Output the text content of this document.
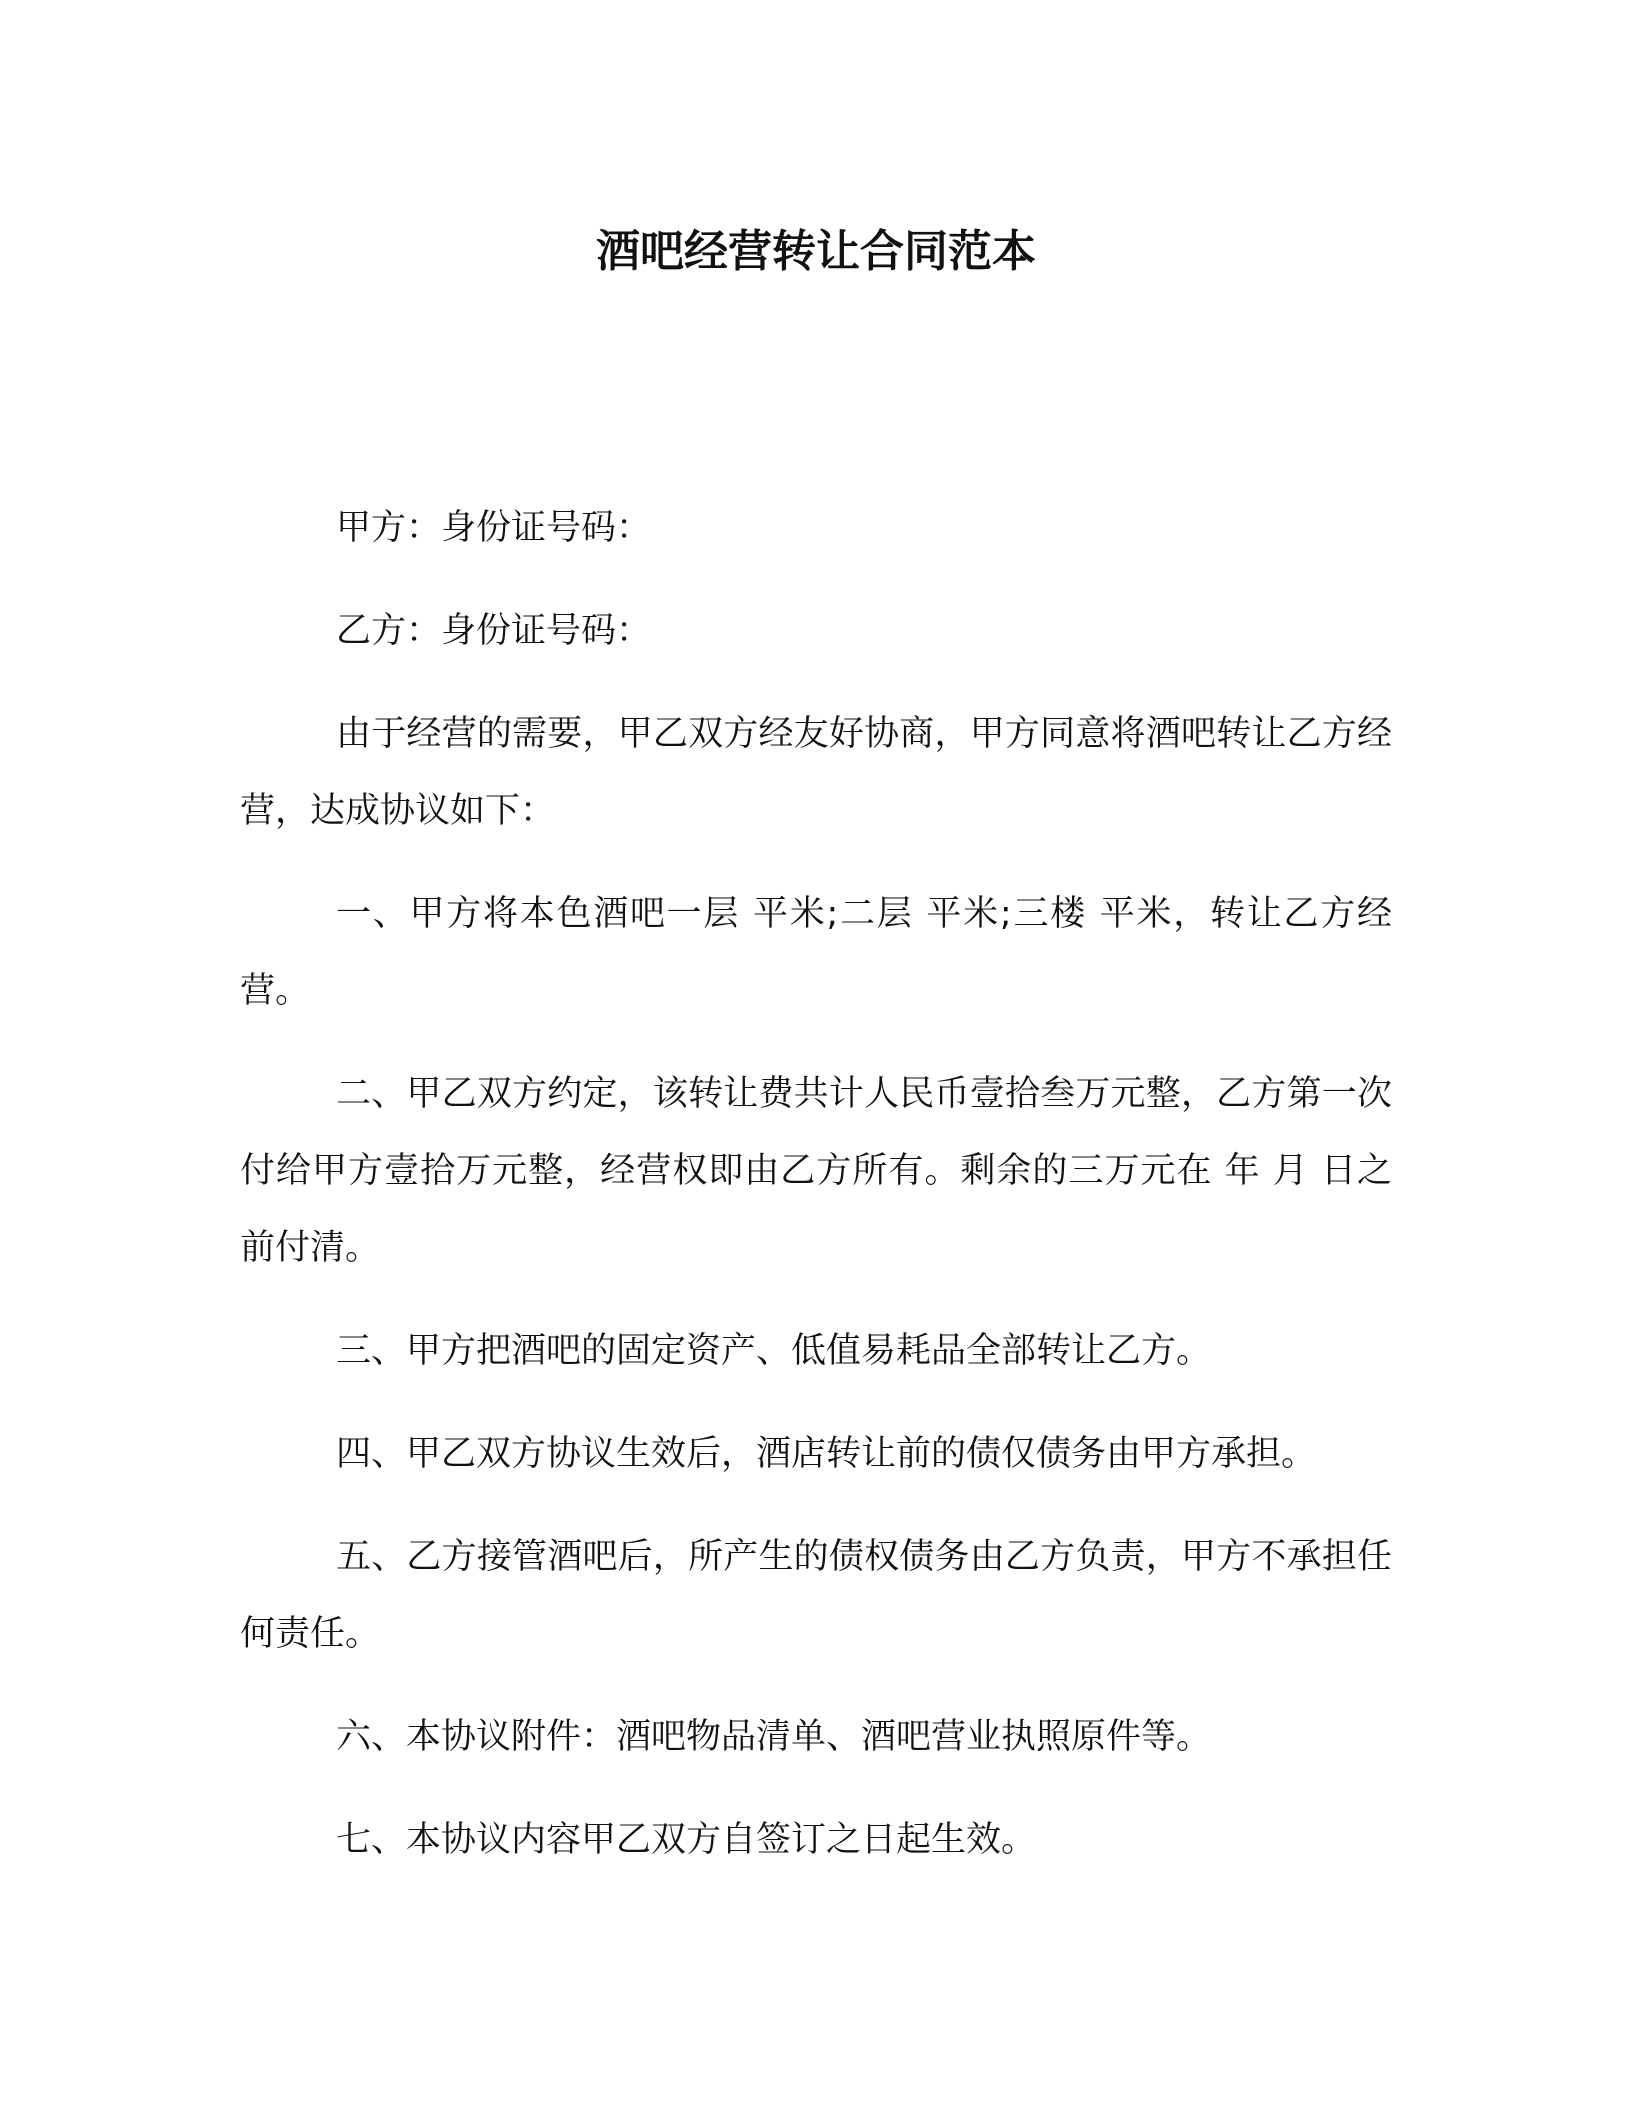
酒吧经营转让合同范本

甲方：身份证号码：

乙方：身份证号码：

由于经营的需要，甲乙双方经友好协商，甲方同意将酒吧转让乙方经营，达成协议如下：

一、甲方将本色酒吧一层 平米;二层 平米;三楼 平米，转让乙方经营。

二、甲乙双方约定，该转让费共计人民币壹拾叁万元整，乙方第一次付给甲方壹拾万元整，经营权即由乙方所有。剩余的三万元在 年 月 日之前付清。

三、甲方把酒吧的固定资产、低值易耗品全部转让乙方。

四、甲乙双方协议生效后，酒店转让前的债仅债务由甲方承担。

五、乙方接管酒吧后，所产生的债权债务由乙方负责，甲方不承担任何责任。

六、本协议附件：酒吧物品清单、酒吧营业执照原件等。

七、本协议内容甲乙双方自签订之日起生效。
